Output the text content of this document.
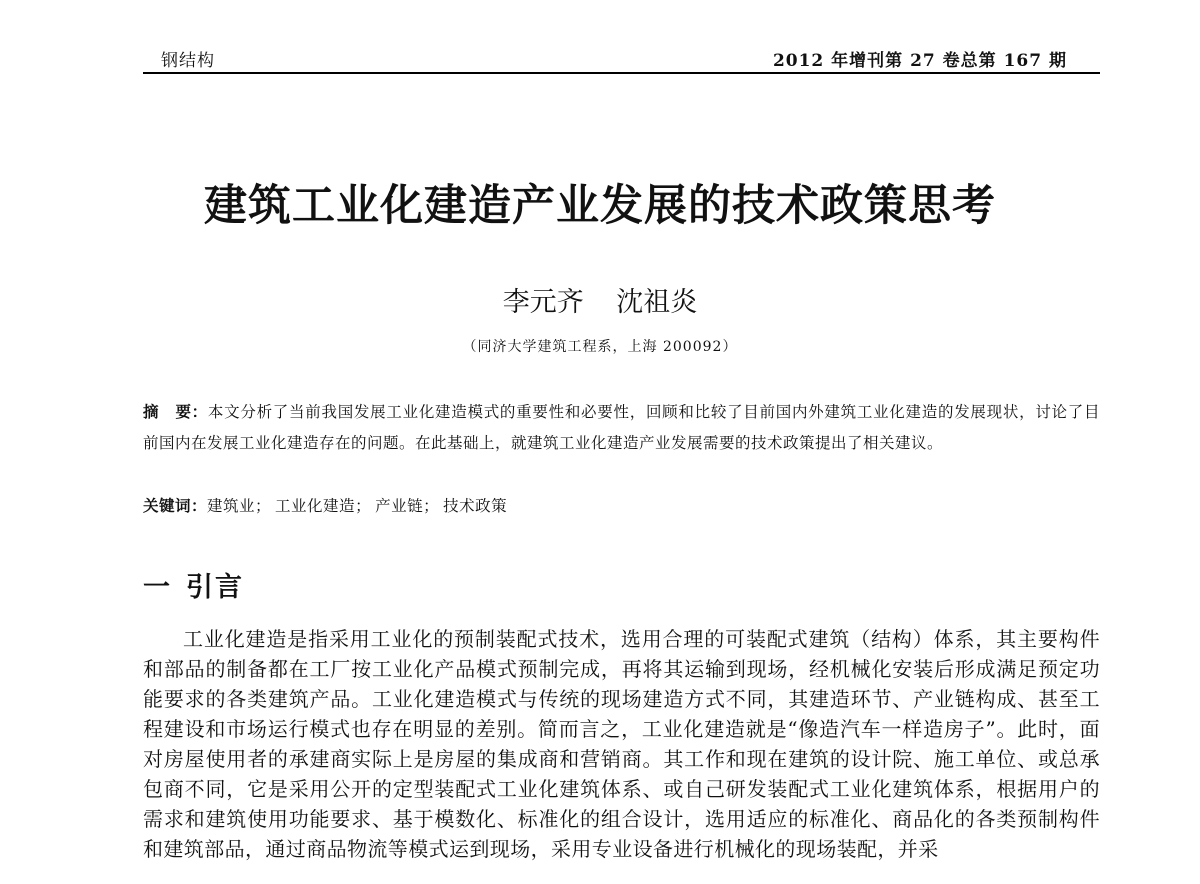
钢结构	2012 年增刊第 27 卷总第 167 期
建筑工业化建造产业发展的技术政策思考
李元齐 沈祖炎
（同济大学建筑工程系，上海 200092）
摘　要：本文分析了当前我国发展工业化建造模式的重要性和必要性，回顾和比较了目前国内外建筑工业化建造的发展现状，讨论了目前国内在发展工业化建造存在的问题。在此基础上，就建筑工业化建造产业发展需要的技术政策提出了相关建议。
关键词：建筑业； 工业化建造； 产业链； 技术政策
一 引言
工业化建造是指采用工业化的预制装配式技术，选用合理的可装配式建筑（结构）体系，其主要构件和部品的制备都在工厂按工业化产品模式预制完成，再将其运输到现场，经机械化安装后形成满足预定功能要求的各类建筑产品。工业化建造模式与传统的现场建造方式不同，其建造环节、产业链构成、甚至工程建设和市场运行模式也存在明显的差别。简而言之，工业化建造就是“像造汽车一样造房子”。此时，面对房屋使用者的承建商实际上是房屋的集成商和营销商。其工作和现在建筑的设计院、施工单位、或总承包商不同，它是采用公开的定型装配式工业化建筑体系、或自己研发装配式工业化建筑体系，根据用户的需求和建筑使用功能要求、基于模数化、标准化的组合设计，选用适应的标准化、商品化的各类预制构件和建筑部品，通过商品物流等模式运到现场，采用专业设备进行机械化的现场装配，并采
